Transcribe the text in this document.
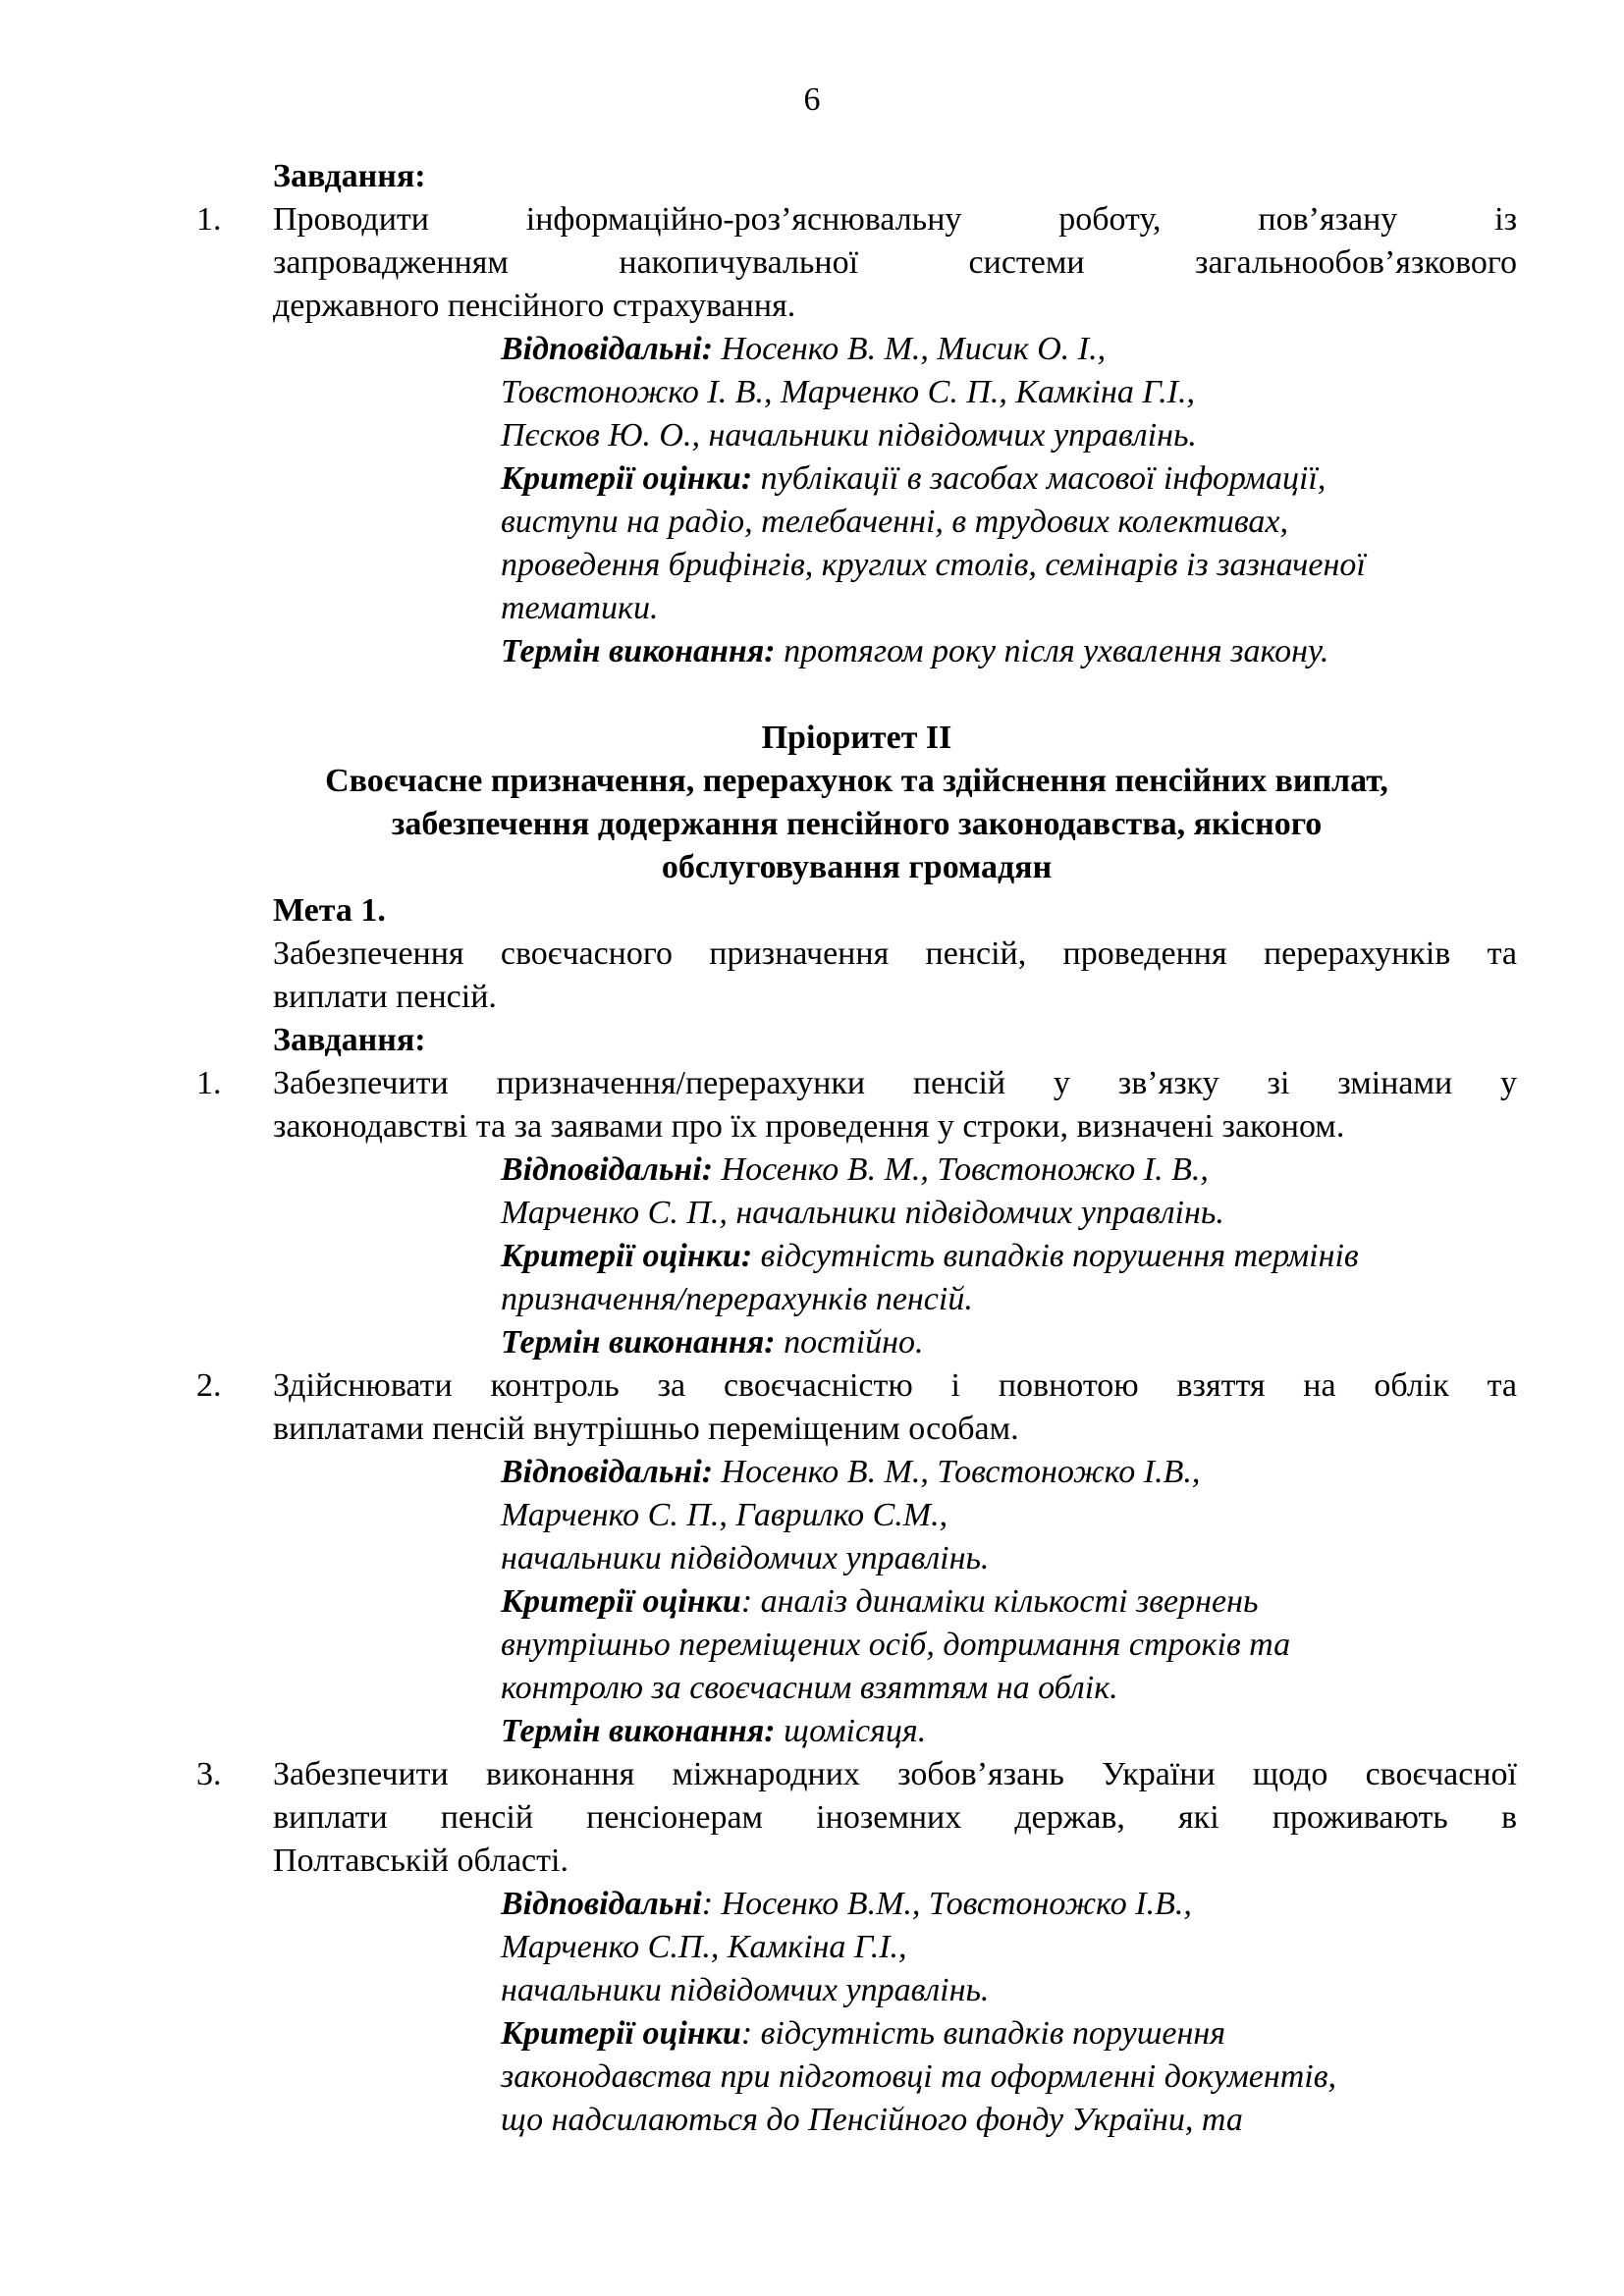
6
Завдання:
1.	Проводити інформаційно-роз’яснювальну роботу, пов’язану із
запровадженням накопичувальної системи загальнообов’язкового
державного пенсійного страхування.
Відповідальні: Носенко В. М., Мисик О. І.,
Товстоножко І. В., Марченко С. П., Камкіна Г.І.,
Пєсков Ю. О., начальники підвідомчих управлінь.
Критерії оцінки: публікації в засобах масової інформації,
виступи на радіо, телебаченні, в трудових колективах,
проведення брифінгів, круглих столів, семінарів із зазначеної
тематики.
Термін виконання: протягом року після ухвалення закону.
Пріоритет ІІ
Своєчасне призначення, перерахунок та здійснення пенсійних виплат,
забезпечення додержання пенсійного законодавства, якісного
обслуговування громадян
Мета 1.
Забезпечення своєчасного призначення пенсій, проведення перерахунків та
виплати пенсій.
Завдання:
1.	Забезпечити призначення/перерахунки пенсій у зв’язку зі змінами у
законодавстві та за заявами про їх проведення у строки, визначені законом.
Відповідальні: Носенко В. М., Товстоножко І. В.,
Марченко С. П., начальники підвідомчих управлінь.
Критерії оцінки: відсутність випадків порушення термінів
призначення/перерахунків пенсій.
Термін виконання: постійно.
2.	Здійснювати контроль за своєчасністю і повнотою взяття на облік та
виплатами пенсій внутрішньо переміщеним особам.
Відповідальні: Носенко В. М., Товстоножко І.В.,
Марченко С. П., Гаврилко С.М.,
начальники підвідомчих управлінь.
Критерії оцінки: аналіз динаміки кількості звернень
внутрішньо переміщених осіб, дотримання строків та
контролю за своєчасним взяттям на облік.
Термін виконання: щомісяця.
3.	Забезпечити виконання міжнародних зобов’язань України щодо своєчасної
виплати пенсій пенсіонерам іноземних держав, які проживають в
Полтавській області.
Відповідальні: Носенко В.М., Товстоножко І.В.,
Марченко С.П., Камкіна Г.І.,
начальники підвідомчих управлінь.
Критерії оцінки: відсутність випадків порушення
законодавства при підготовці та оформленні документів,
що надсилаються до Пенсійного фонду України, та
